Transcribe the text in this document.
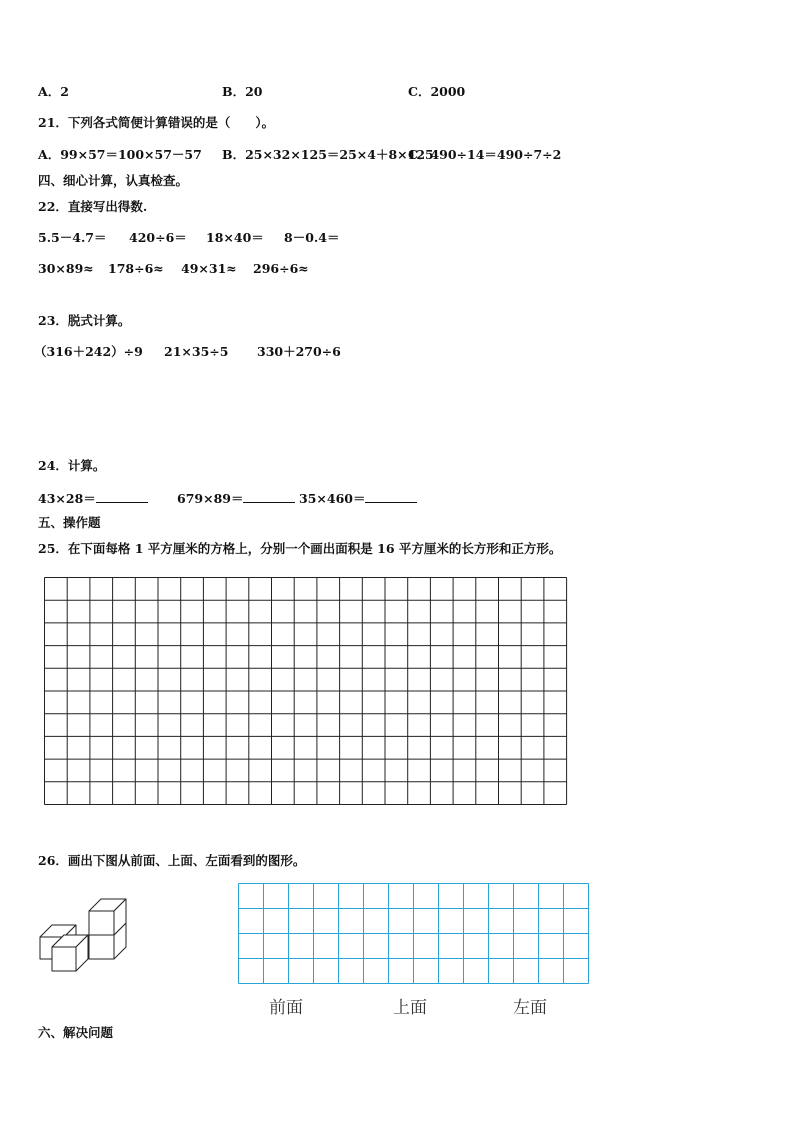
A．2	B．20	C．2000
21．下列各式简便计算错误的是（　　）。
A．99×57＝100×57－57 B．25×32×125＝25×4＋8×125
C．490÷14＝490÷7÷2
四、细心计算，认真检查。
22．直接写出得数.
5.5－4.7＝ 420÷6＝ 18×40＝ 8－0.4＝
30×89≈ 178÷6≈ 49×31≈ 296÷6≈
23．脱式计算。
（316＋242）÷9 21×35÷5 330＋270÷6
24．计算。
43×28＝	679×89＝	35×460＝
五、操作题
25．在下面每格 1 平方厘米的方格上，分别一个画出面积是 16 平方厘米的长方形和正方形。
26．画出下图从前面、上面、左面看到的图形。
前面	上面	左面
六、解决问题
